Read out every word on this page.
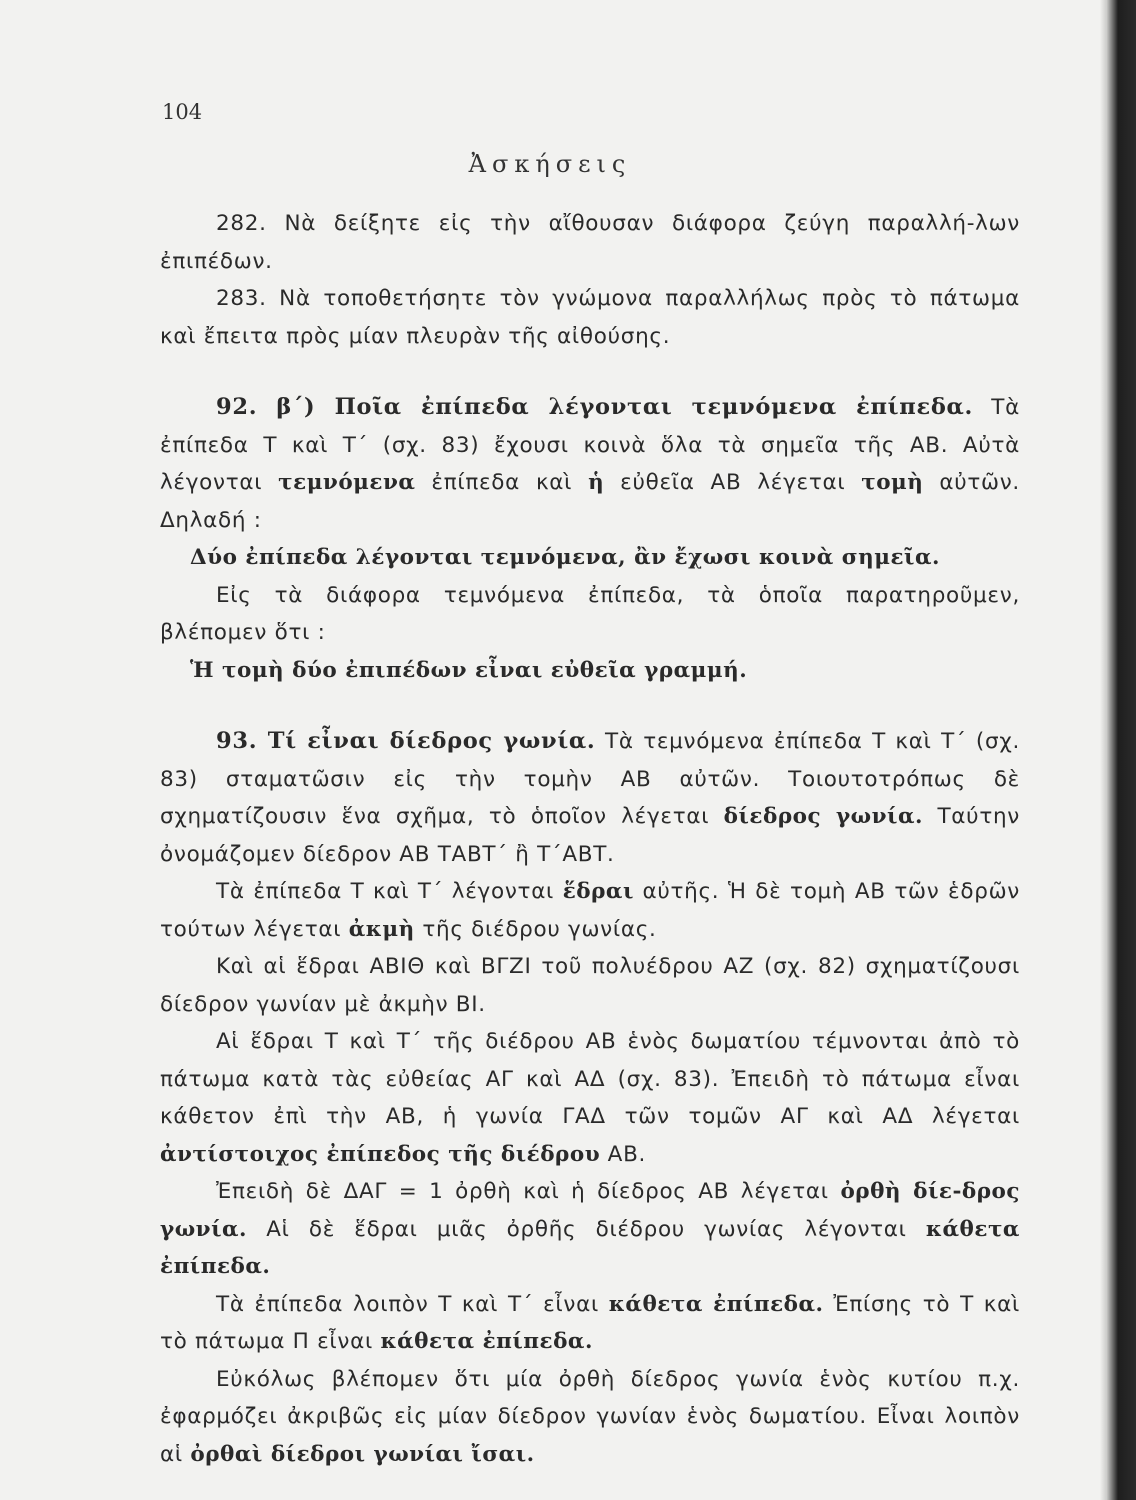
104
Ἀσκήσεις

282. Νὰ δείξητε εἰς τὴν αἴθουσαν διάφορα ζεύγη παραλλή-λων ἐπιπέδων.

283. Νὰ τοποθετήσητε τὸν γνώμονα παραλλήλως πρὸς τὸ πάτωμα καὶ ἔπειτα πρὸς μίαν πλευρὰν τῆς αἰθούσης.

92. β΄) Ποῖα ἐπίπεδα λέγονται τεμνόμενα ἐπίπεδα. Τὰ ἐπίπεδα Τ καὶ Τ΄ (σχ. 83) ἔχουσι κοινὰ ὅλα τὰ σημεῖα τῆς ΑΒ. Αὐτὰ λέγονται τεμνόμενα ἐπίπεδα καὶ ἡ εὐθεῖα ΑΒ λέγεται τομὴ αὐτῶν. Δηλαδή :

Δύο ἐπίπεδα λέγονται τεμνόμενα, ἂν ἔχωσι κοινὰ σημεῖα.

Εἰς τὰ διάφορα τεμνόμενα ἐπίπεδα, τὰ ὁποῖα παρατηροῦμεν, βλέπομεν ὅτι :

Ἡ τομὴ δύο ἐπιπέδων εἶναι εὐθεῖα γραμμή.

93. Τί εἶναι δίεδρος γωνία. Τὰ τεμνόμενα ἐπίπεδα Τ καὶ Τ΄ (σχ. 83) σταματῶσιν εἰς τὴν τομὴν ΑΒ αὐτῶν. Τοιουτοτρόπως δὲ σχηματίζουσιν ἕνα σχῆμα, τὸ ὁποῖον λέγεται δίεδρος γωνία. Ταύτην ὀνομάζομεν δίεδρον ΑΒ ΤΑΒΤ΄ ἢ Τ΄ΑΒΤ.

Τὰ ἐπίπεδα Τ καὶ Τ΄ λέγονται ἕδραι αὐτῆς. Ἡ δὲ τομὴ ΑΒ τῶν ἑδρῶν τούτων λέγεται ἀκμὴ τῆς διέδρου γωνίας.

Καὶ αἱ ἕδραι ΑΒΙΘ καὶ ΒΓΖΙ τοῦ πολυέδρου ΑΖ (σχ. 82) σχηματίζουσι δίεδρον γωνίαν μὲ ἀκμὴν ΒΙ.

Αἱ ἕδραι Τ καὶ Τ΄ τῆς διέδρου ΑΒ ἑνὸς δωματίου τέμνονται ἀπὸ τὸ πάτωμα κατὰ τὰς εὐθείας ΑΓ καὶ ΑΔ (σχ. 83). Ἐπειδὴ τὸ πάτωμα εἶναι κάθετον ἐπὶ τὴν ΑΒ, ἡ γωνία ΓΑΔ τῶν τομῶν ΑΓ καὶ ΑΔ λέγεται ἀντίστοιχος ἐπίπεδος τῆς διέδρου ΑΒ.

Ἐπειδὴ δὲ ΔΑΓ = 1 ὀρθὴ καὶ ἡ δίεδρος ΑΒ λέγεται ὀρθὴ δίε-δρος γωνία. Αἱ δὲ ἕδραι μιᾶς ὀρθῆς διέδρου γωνίας λέγονται κάθετα ἐπίπεδα.

Τὰ ἐπίπεδα λοιπὸν Τ καὶ Τ΄ εἶναι κάθετα ἐπίπεδα. Ἐπίσης τὸ Τ καὶ τὸ πάτωμα Π εἶναι κάθετα ἐπίπεδα.

Εὐκόλως βλέπομεν ὅτι μία ὀρθὴ δίεδρος γωνία ἑνὸς κυτίου π.χ. ἐφαρμόζει ἀκριβῶς εἰς μίαν δίεδρον γωνίαν ἑνὸς δωματίου. Εἶναι λοιπὸν αἱ ὀρθαὶ δίεδροι γωνίαι ἴσαι.
